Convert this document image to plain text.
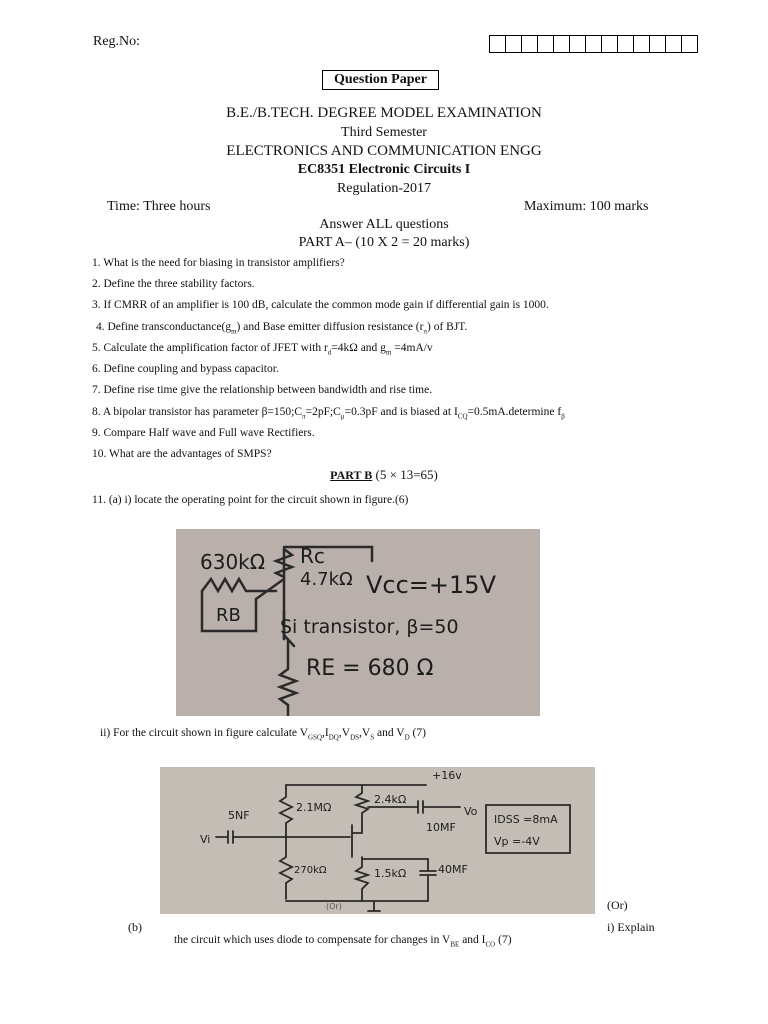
Reg.No:
Question Paper
B.E./B.TECH. DEGREE MODEL EXAMINATION
Third Semester
ELECTRONICS AND COMMUNICATION ENGG
EC8351 Electronic Circuits I
Regulation-2017
Time: Three hours	Maximum: 100 marks
Answer ALL questions
PART A– (10 X 2 = 20 marks)
1. What is the need for biasing in transistor amplifiers?
2. Define the three stability factors.
3. If CMRR of an amplifier is 100 dB, calculate the common mode gain if differential gain is 1000.
4. Define $transconductance(g_m)$ and Base emitter diffusion resistance $(r_\pi)$ of BJT.
5. Calculate the amplification factor of JFET with $r_d=4k\Omega$ and $g_m =4mA/v$
6. Define coupling and bypass capacitor.
7. Define rise time give the relationship between bandwidth and rise time.
8. A bipolar transistor has parameter $\beta=150;C_\pi=2pF;C_\mu=0.3pF$ and is biased at $I_{CQ}=0.5mA.determine$ $f_\beta$
9. Compare Half wave and Full wave Rectifiers.
10. What are the advantages of SMPS?
PART B (5 × 13=65)
11. (a) i) locate the operating point for the circuit shown in figure.(6)
630kΩ
RB
Rc
4.7kΩ Vcc=+15V
Si transistor, β=50
RE = 680 Ω
ii) For the circuit shown in figure calculate $V_{GSQ},I_{DQ},V_{DS},V_S$ and $V_D$ (7)
+16v
5NF
2.1MΩ
2.4kΩ
Vo
10MF
IDSS =8mA
Vp =-4V
Vi
270kΩ	1.5kΩ	40MF
(Or)	(Or)
(b)	i) Explain
the circuit which uses diode to compensate for changes in $V_{BE}$ and $I_{CO}$ (7)
